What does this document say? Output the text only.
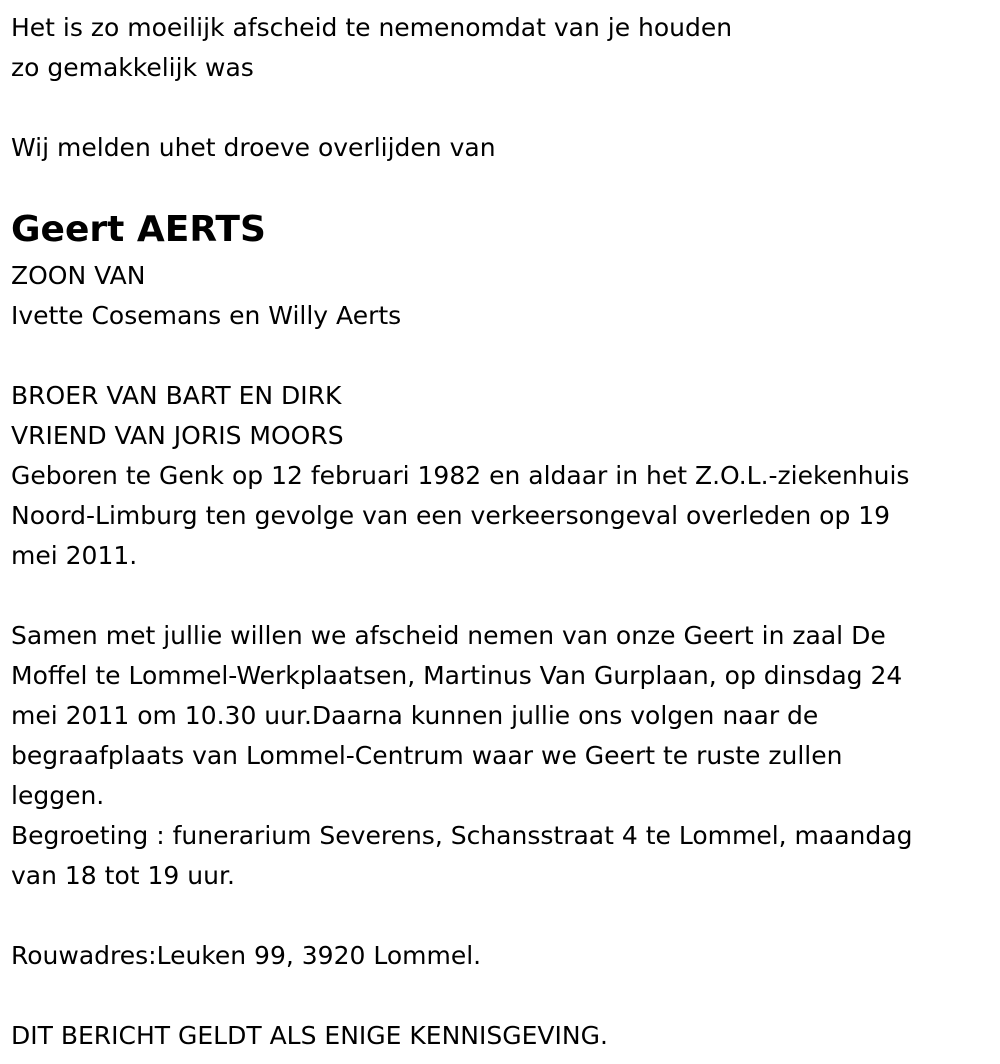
Het is zo moeilijk afscheid te nemenomdat van je houden
zo gemakkelijk was
Wij melden uhet droeve overlijden van
Geert AERTS
ZOON VAN
Ivette Cosemans en Willy Aerts
BROER VAN BART EN DIRK
VRIEND VAN JORIS MOORS
Geboren te Genk op 12 februari 1982 en aldaar in het Z.O.L.-ziekenhuis
Noord-Limburg ten gevolge van een verkeersongeval overleden op 19
mei 2011.
Samen met jullie willen we afscheid nemen van onze Geert in zaal De
Moffel te Lommel-Werkplaatsen, Martinus Van Gurplaan, op dinsdag 24
mei 2011 om 10.30 uur.Daarna kunnen jullie ons volgen naar de
begraafplaats van Lommel-Centrum waar we Geert te ruste zullen
leggen.
Begroeting : funerarium Severens, Schansstraat 4 te Lommel, maandag
van 18 tot 19 uur.
Rouwadres:Leuken 99, 3920 Lommel.
DIT BERICHT GELDT ALS ENIGE KENNISGEVING.
